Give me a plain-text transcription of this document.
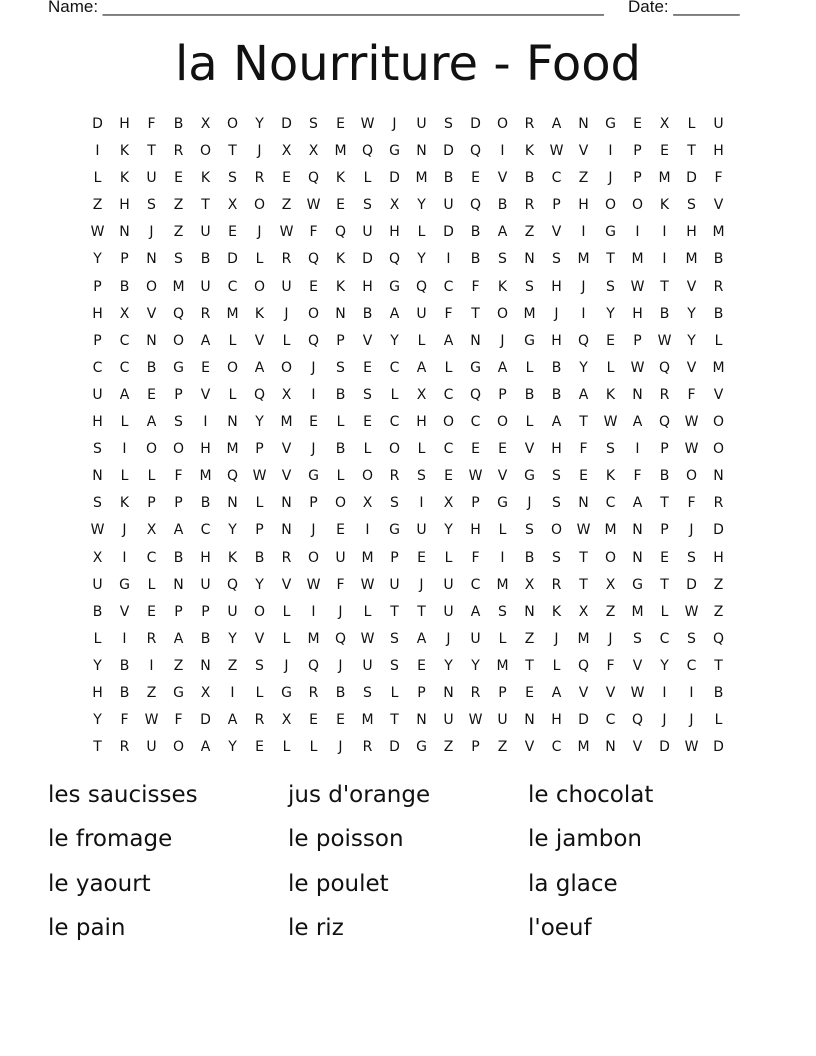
Name: _____________________________________________________ Date: _______
la Nourriture - Food
D	H	F	B	X	O	Y	D	S	E	W	J	U	S	D	O	R	A	N	G	E	X	L	U
I	K	T	R	O	T	J	X	X	M	Q	G	N	D	Q	I	K	W	V	I	P	E	T	H
L	K	U	E	K	S	R	E	Q	K	L	D	M	B	E	V	B	C	Z	J	P	M	D	F
Z	H	S	Z	T	X	O	Z	W	E	S	X	Y	U	Q	B	R	P	H	O	O	K	S	V
W	N	J	Z	U	E	J	W	F	Q	U	H	L	D	B	A	Z	V	I	G	I	I	H	M
Y	P	N	S	B	D	L	R	Q	K	D	Q	Y	I	B	S	N	S	M	T	M	I	M	B
P	B	O	M	U	C	O	U	E	K	H	G	Q	C	F	K	S	H	J	S	W	T	V	R
H	X	V	Q	R	M	K	J	O	N	B	A	U	F	T	O	M	J	I	Y	H	B	Y	B
P	C	N	O	A	L	V	L	Q	P	V	Y	L	A	N	J	G	H	Q	E	P	W	Y	L
C	C	B	G	E	O	A	O	J	S	E	C	A	L	G	A	L	B	Y	L	W	Q	V	M
U	A	E	P	V	L	Q	X	I	B	S	L	X	C	Q	P	B	B	A	K	N	R	F	V
H	L	A	S	I	N	Y	M	E	L	E	C	H	O	C	O	L	A	T	W	A	Q	W	O
S	I	O	O	H	M	P	V	J	B	L	O	L	C	E	E	V	H	F	S	I	P	W	O
N	L	L	F	M	Q	W	V	G	L	O	R	S	E	W	V	G	S	E	K	F	B	O	N
S	K	P	P	B	N	L	N	P	O	X	S	I	X	P	G	J	S	N	C	A	T	F	R
W	J	X	A	C	Y	P	N	J	E	I	G	U	Y	H	L	S	O	W	M	N	P	J	D
X	I	C	B	H	K	B	R	O	U	M	P	E	L	F	I	B	S	T	O	N	E	S	H
U	G	L	N	U	Q	Y	V	W	F	W	U	J	U	C	M	X	R	T	X	G	T	D	Z
B	V	E	P	P	U	O	L	I	J	L	T	T	U	A	S	N	K	X	Z	M	L	W	Z
L	I	R	A	B	Y	V	L	M	Q	W	S	A	J	U	L	Z	J	M	J	S	C	S	Q
Y	B	I	Z	N	Z	S	J	Q	J	U	S	E	Y	Y	M	T	L	Q	F	V	Y	C	T
H	B	Z	G	X	I	L	G	R	B	S	L	P	N	R	P	E	A	V	V	W	I	I	B
Y	F	W	F	D	A	R	X	E	E	M	T	N	U	W	U	N	H	D	C	Q	J	J	L
T	R	U	O	A	Y	E	L	L	J	R	D	G	Z	P	Z	V	C	M	N	V	D	W	D
les saucisses	jus d'orange	le chocolat
le fromage	le poisson	le jambon
le yaourt	le poulet	la glace
le pain	le riz	l'oeuf
